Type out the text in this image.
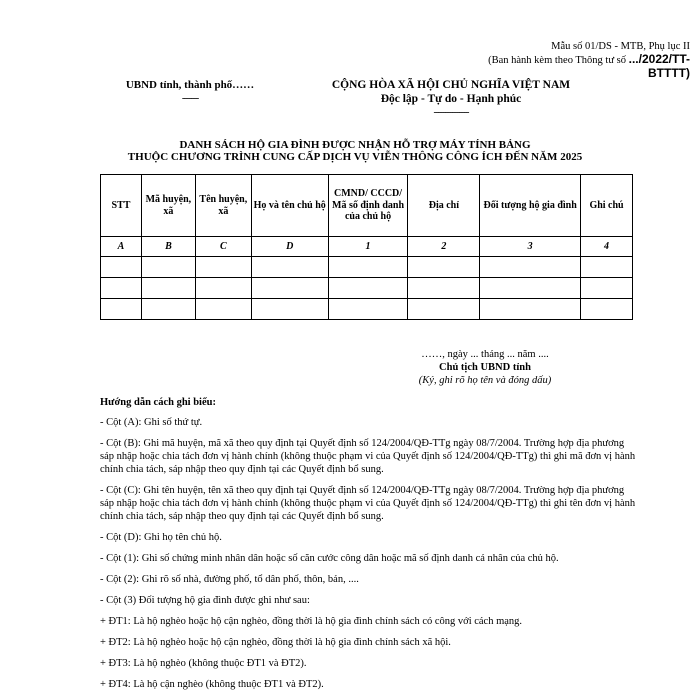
Mẫu số 01/DS - MTB, Phụ lục II
(Ban hành kèm theo Thông tư số .../2022/TT-BTTTT)
UBND tỉnh, thành phố……
-------
CỘNG HÒA XÃ HỘI CHỦ NGHĨA VIỆT NAM
Độc lập - Tự do - Hạnh phúc
---------------
DANH SÁCH HỘ GIA ĐÌNH ĐƯỢC NHẬN HỖ TRỢ MÁY TÍNH BẢNG
THUỘC CHƯƠNG TRÌNH CUNG CẤP DỊCH VỤ VIỄN THÔNG CÔNG ÍCH ĐẾN NĂM 2025
STT	Mã huyện, xã	Tên huyện, xã	Họ và tên chủ hộ	CMND/ CCCD/ Mã số định danh của chủ hộ	Địa chỉ	Đối tượng hộ gia đình	Ghi chú
A	B	C	D	1	2	3	4

……, ngày ... tháng ... năm ....
Chủ tịch UBND tỉnh
(Ký, ghi rõ họ tên và đóng dấu)
Hướng dẫn cách ghi biểu:

- Cột (A): Ghi số thứ tự.

- Cột (B): Ghi mã huyện, mã xã theo quy định tại Quyết định số 124/2004/QĐ-TTg ngày 08/7/2004. Trường hợp địa phương sáp nhập hoặc chia tách đơn vị hành chính (không thuộc phạm vi của Quyết định số 124/2004/QĐ-TTg) thì ghi mã đơn vị hành chính chia tách, sáp nhập theo quy định tại các Quyết định bổ sung.

- Cột (C): Ghi tên huyện, tên xã theo quy định tại Quyết định số 124/2004/QĐ-TTg ngày 08/7/2004. Trường hợp địa phương sáp nhập hoặc chia tách đơn vị hành chính (không thuộc phạm vi của Quyết định số 124/2004/QĐ-TTg) thì ghi tên đơn vị hành chính chia tách, sáp nhập theo quy định tại các Quyết định bổ sung.

- Cột (D): Ghi họ tên chủ hộ.

- Cột (1): Ghi số chứng minh nhân dân hoặc số căn cước công dân hoặc mã số định danh cá nhân của chủ hộ.

- Cột (2): Ghi rõ số nhà, đường phố, tổ dân phố, thôn, bản, ....

- Cột (3) Đối tượng hộ gia đình được ghi như sau:

+ ĐT1: Là hộ nghèo hoặc hộ cận nghèo, đồng thời là hộ gia đình chính sách có công với cách mạng.

+ ĐT2: Là hộ nghèo hoặc hộ cận nghèo, đồng thời là hộ gia đình chính sách xã hội.

+ ĐT3: Là hộ nghèo (không thuộc ĐT1 và ĐT2).

+ ĐT4: Là hộ cận nghèo (không thuộc ĐT1 và ĐT2).
